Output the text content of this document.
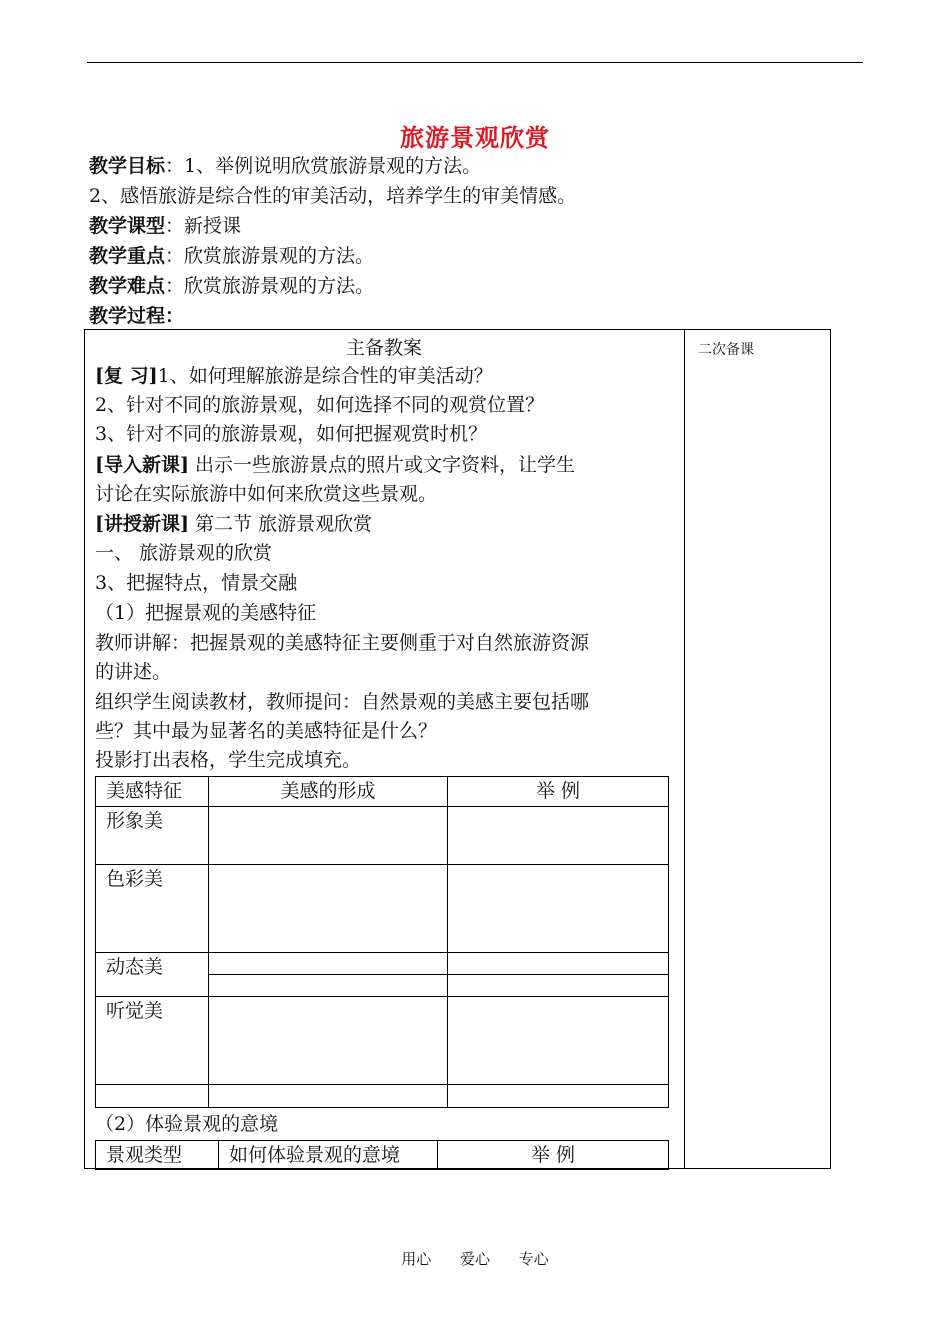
旅游景观欣赏
教学目标：1、举例说明欣赏旅游景观的方法。
2、感悟旅游是综合性的审美活动，培养学生的审美情感。
教学课型：新授课
教学重点：欣赏旅游景观的方法。
教学难点：欣赏旅游景观的方法。
教学过程：
二次备课
主备教案
[复 习]1、如何理解旅游是综合性的审美活动？
2、针对不同的旅游景观，如何选择不同的观赏位置？
3、针对不同的旅游景观，如何把握观赏时机？
[导入新课] 出示一些旅游景点的照片或文字资料，让学生
讨论在实际旅游中如何来欣赏这些景观。
[讲授新课] 第二节 旅游景观欣赏
一、 旅游景观的欣赏
3、把握特点，情景交融
（1）把握景观的美感特征
教师讲解：把握景观的美感特征主要侧重于对自然旅游资源
的讲述。
组织学生阅读教材，教师提问：自然景观的美感主要包括哪
些？其中最为显著名的美感特征是什么？
投影打出表格，学生完成填充。
美感特征	美感的形成	举 例
形象美		
色彩美		
动态美		

听觉美		

（2）体验景观的意境
景观类型	如何体验景观的意境	举 例
用心 爱心 专心
